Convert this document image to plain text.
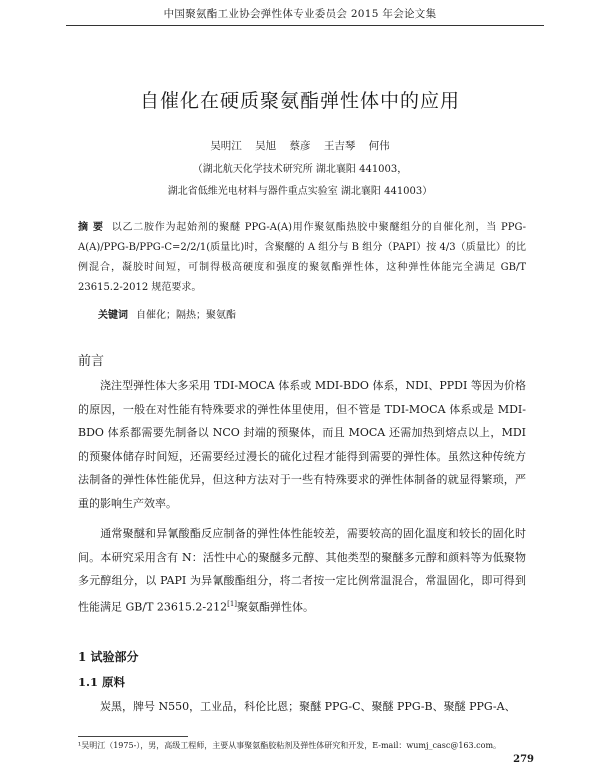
中国聚氨酯工业协会弹性体专业委员会 2015 年会论文集
自催化在硬质聚氨酯弹性体中的应用
吴明江 吴旭 蔡彦 王吉琴 何伟
（湖北航天化学技术研究所 湖北襄阳 441003，
湖北省低维光电材料与器件重点实验室 湖北襄阳 441003）
摘 要 以乙二胺作为起始剂的聚醚 PPG-A(A)用作聚氨酯热胶中聚醚组分的自催化剂，当 PPG-A(A)/PPG-B/PPG-C=2/2/1(质量比)时，含聚醚的 A 组分与 B 组分（PAPI）按 4/3（质量比）的比例混合，凝胶时间短，可制得极高硬度和强度的聚氨酯弹性体，这种弹性体能完全满足 GB/T 23615.2-2012 规范要求。
关键词 自催化；隔热；聚氨酯
前言
浇注型弹性体大多采用 TDI-MOCA 体系或 MDI-BDO 体系，NDI、PPDI 等因为价格的原因，一般在对性能有特殊要求的弹性体里使用，但不管是 TDI-MOCA 体系或是 MDI-BDO 体系都需要先制备以 NCO 封端的预聚体，而且 MOCA 还需加热到熔点以上，MDI 的预聚体储存时间短，还需要经过漫长的硫化过程才能得到需要的弹性体。虽然这种传统方法制备的弹性体性能优异，但这种方法对于一些有特殊要求的弹性体制备的就显得繁琐，严重的影响生产效率。
通常聚醚和异氰酸酯反应制备的弹性体性能较差，需要较高的固化温度和较长的固化时间。本研究采用含有 N：活性中心的聚醚多元醇、其他类型的聚醚多元醇和颜料等为低聚物多元醇组分，以 PAPI 为异氰酸酯组分，将二者按一定比例常温混合，常温固化，即可得到性能满足 GB/T 23615.2-212[1]聚氨酯弹性体。
1 试验部分
1.1 原料
炭黑，牌号 N550，工业品，科伦比恩；聚醚 PPG-C、聚醚 PPG-B、聚醚 PPG-A、
¹吴明江（1975-），男，高级工程师，主要从事聚氨酯胶粘剂及弹性体研究和开发，E-mail：wumj_casc@163.com。
279
